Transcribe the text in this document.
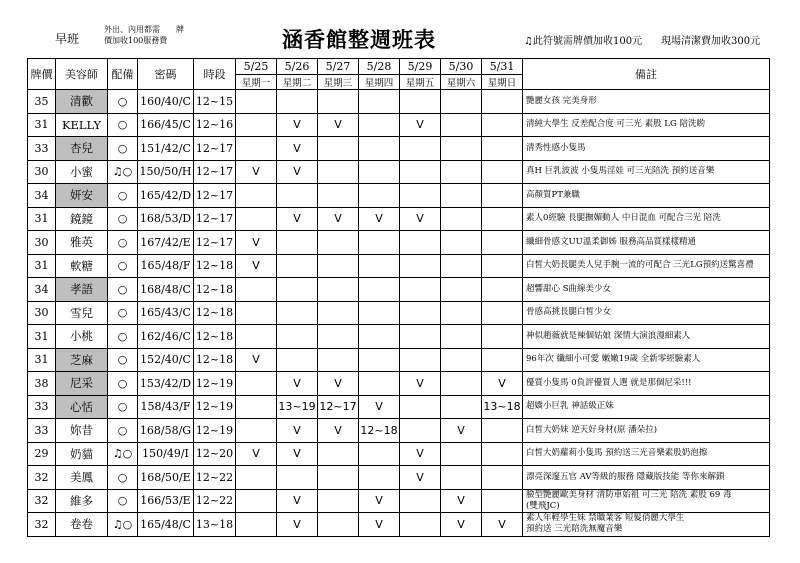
早班
外出、內用都需　　牌
價加收100服務費	涵香館整週班表	♫此符號需牌價加收100元 現場清潔費加收300元
牌價	美容師	配備	密碼	時段	5/25	5/26	5/27	5/28	5/29	5/30	5/31	備註
					星期一	星期二	星期三	星期四	星期五	星期六	星期日	
35	清歡	○	160/40/C	12~15								艷麗女孩 完美身形

31	KELLY	○	166/45/C	12~16		V	V		V			清純大學生 反差配合度 可三光 素股 LG 陪洗喲

33	杏兒	○	151/42/C	12~17		V						清秀性感小隻馬

30	小蜜	♫○	150/50/H	12~17	V	V						真H 巨乳波波 小隻馬淫娃 可三光陪洗 預約送音樂

34	妍安	○	165/42/D	12~17								高顏質PT兼職

31	鏡鏡	○	168/53/D	12~17		V	V	V	V			素人0經驗 長腿撫媚動人 中日混血 可配合三光 陪洗

30	雅英	○	167/42/E	12~17	V							纖細骨感文UU溫柔御姊 服務高品質樣樣精通

31	軟糖	○	165/48/F	12~18	V							白皙大奶長腿美人兒手腕一流的可配合 三光LG預約送驚喜禮

34	孝語	○	168/48/C	12~18								超響甜心 S曲線美少女

30	雪兒	○	165/43/C	12~18								骨感高挑長腿白皙少女

31	小桃	○	162/46/C	12~18								神似趙薇就是辣個姑娘 深情大演浪漫細素人

31	芝麻	○	152/40/C	12~18	V							96年次 纖細小可愛 嫩嫩19歲 全新零經驗素人

38	尼采	○	153/42/D	12~19		V	V		V		V	優質小隻馬 0負評優質人選 就是那個尼采!!!

33	心恬	○	158/43/F	12~19		13~19	12~17	V			13~18	超嬌小巨乳 神話級正妹

33	妳昔	○	168/58/G	12~19		V	V	12~18		V		白皙大奶妹 逆天好身材(原 潘朵拉)

29	奶貓	♫○	150/49/I	12~20	V	V			V			白皙大奶蘿莉小隻馬 預約送三光音樂素股奶泡擦

32	美鳳	○	168/50/E	12~22					V			漂亮深邃五官 AV等級的服務 隱藏版技能 等你來解鎖

32	維多	○	166/53/E	12~22		V		V		V		臉型艷麗歐美身材 清防車始祖 可三光 陪洗 素股 69 毒
(雙飛JC)

32	卷卷	♫○	165/48/C	13~18		V		V		V	V	素人年輕學生妹 禁職業客 短髮俏麗大學生
預約送 三光陪洗無魔音樂
